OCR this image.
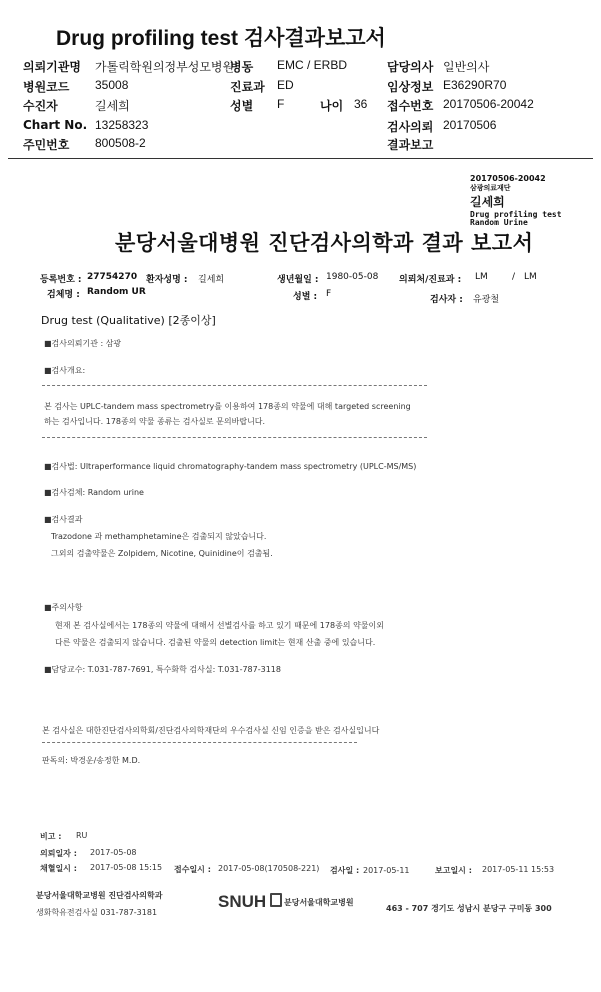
Drug profiling test 검사결과보고서
의뢰기관명 가톨릭학원의정부성모병원
병동 EMC / ERBD	담당의사 일반의사
병원코드 35008	진료과 ED	임상정보 E36290R70
수진자	길세희	성별 F	나이 36 접수번호 20170506-20042
Chart No. 13258323	검사의뢰 20170506
주민번호 800508-2	결과보고
20170506-20042
삼광의료재단
길세희
Drug profiling test
Random Urine
분당서울대병원 진단검사의학과 결과 보고서
등록번호 : 27754270 환자성명 : 길세희	생년월일 : 1980-05-08 의뢰처/진료과 : LM	/ LM
검체명 : Random UR	성별 : F
검사자 : 유광철
Drug test (Qualitative) [2종이상]
■검사의뢰기관 : 삼광
■검사개요:
본 검사는 UPLC-tandem mass spectrometry를 이용하여 178종의 약물에 대해 targeted screening
하는 검사입니다. 178종의 약물 종류는 검사실로 문의바랍니다.
■검사법: Ultraperformance liquid chromatography-tandem mass spectrometry (UPLC-MS/MS)
■검사검체: Random urine
■검사결과
Trazodone 과 methamphetamine은 검출되지 않았습니다.
그외의 검출약물은 Zolpidem, Nicotine, Quinidine이 검출됨.
■주의사항
현재 본 검사실에서는 178종의 약물에 대해서 선별검사를 하고 있기 때문에 178종의 약물이외
다른 약물은 검출되지 않습니다. 검출된 약물의 detection limit는 현재 산출 중에 있습니다.
■담당교수: T.031-787-7691, 특수화학 검사실: T.031-787-3118
본 검사실은 대한진단검사의학회/진단검사의학재단의 우수검사실 신임 인증을 받은 검사실입니다
판독의: 박경운/송정한 M.D.
비고 : RU
의뢰일자 : 2017-05-08
채혈일시 : 2017-05-08 15:15 접수일시 : 2017-05-08(170508-221) 검사일 : 2017-05-11	보고일시 : 2017-05-11 15:53
분당서울대학교병원 진단검사의학과
생화학유전검사실 031-787-3181
SNUH 분당서울대학교병원
463 - 707 경기도 성남시 분당구 구미동 300
